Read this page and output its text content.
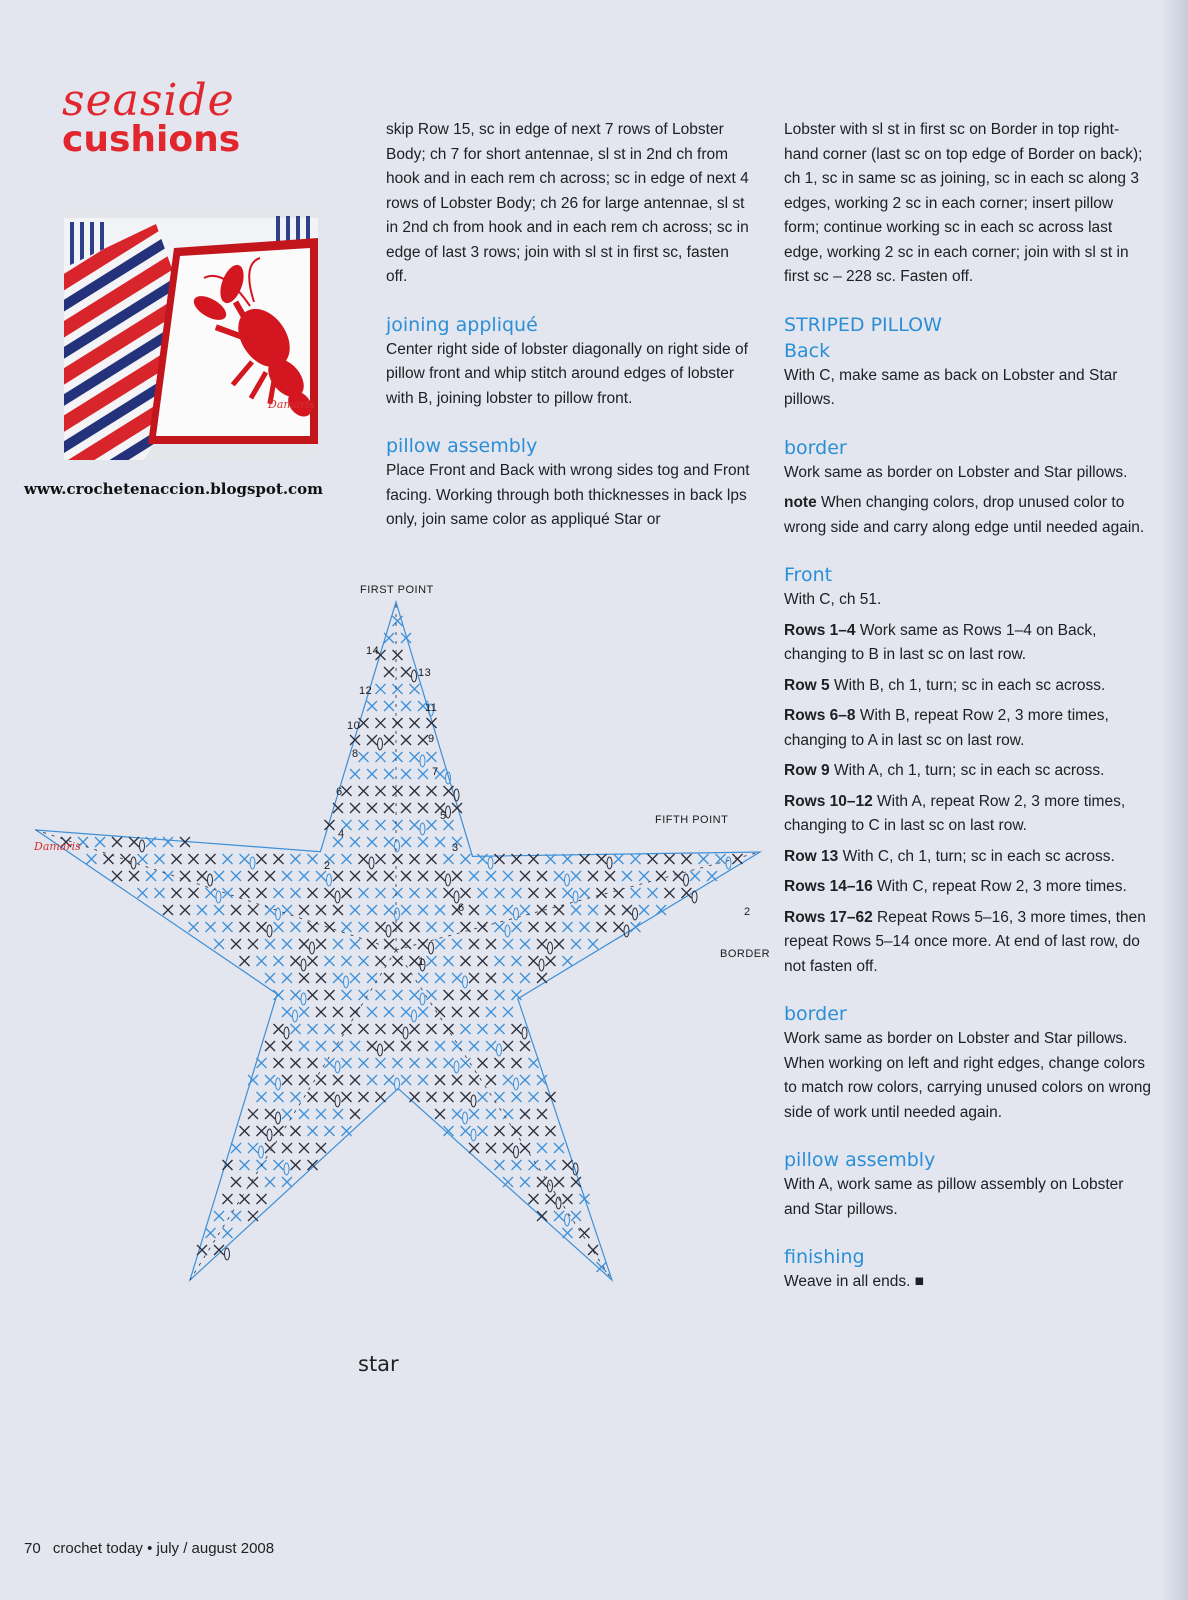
seaside
cushions
Damaris
www.crochetenaccion.blogspot.com

skip Row 15, sc in edge of next 7 rows of Lobster Body; ch 7 for short antennae, sl st in 2nd ch from hook and in each rem ch across; sc in edge of next 4 rows of Lobster Body; ch 26 for large antennae, sl st in 2nd ch from hook and in each rem ch across; sc in edge of last 3 rows; join with sl st in first sc, fasten off.

joining appliqué

Center right side of lobster diagonally on right side of pillow front and whip stitch around edges of lobster with B, joining lobster to pillow front.

pillow assembly

Place Front and Back with wrong sides tog and Front facing. Working through both thicknesses in back lps only, join same color as appliqué Star or

Lobster with sl st in first sc on Border in top right-hand corner (last sc on top edge of Border on back); ch 1, sc in same sc as joining, sc in each sc along 3 edges, working 2 sc in each corner; insert pillow form; continue working sc in each sc across last edge, working 2 sc in each corner; join with sl st in first sc – 228 sc. Fasten off.

STRIPED PILLOW

Back

With C, make same as back on Lobster and Star pillows.

border

Work same as border on Lobster and Star pillows.

note When changing colors, drop unused color to wrong side and carry along edge until needed again.

Front

With C, ch 51.

Rows 1–4 Work same as Rows 1–4 on Back, changing to B in last sc on last row.

Row 5 With B, ch 1, turn; sc in each sc across.

Rows 6–8 With B, repeat Row 2, 3 more times, changing to A in last sc on last row.

Row 9 With A, ch 1, turn; sc in each sc across.

Rows 10–12 With A, repeat Row 2, 3 more times, changing to C in last sc on last row.

Row 13 With C, ch 1, turn; sc in each sc across.

Rows 14–16 With C, repeat Row 2, 3 more times.

Rows 17–62 Repeat Rows 5–16, 3 more times, then repeat Rows 5–14 once more. At end of last row, do not fasten off.

border

Work same as border on Lobster and Star pillows. When working on left and right edges, change colors to match row colors, carrying unused colors on wrong side of work until needed again.

pillow assembly

With A, work same as pillow assembly on Lobster and Star pillows.

finishing

Weave in all ends. ■

FIRST POINT
FIFTH POINT
BORDER
Damaris
14
13
12
11
10
9
8
7
6
5
4
3
2
6	2
1
star
70 crochet today • july / august 2008
